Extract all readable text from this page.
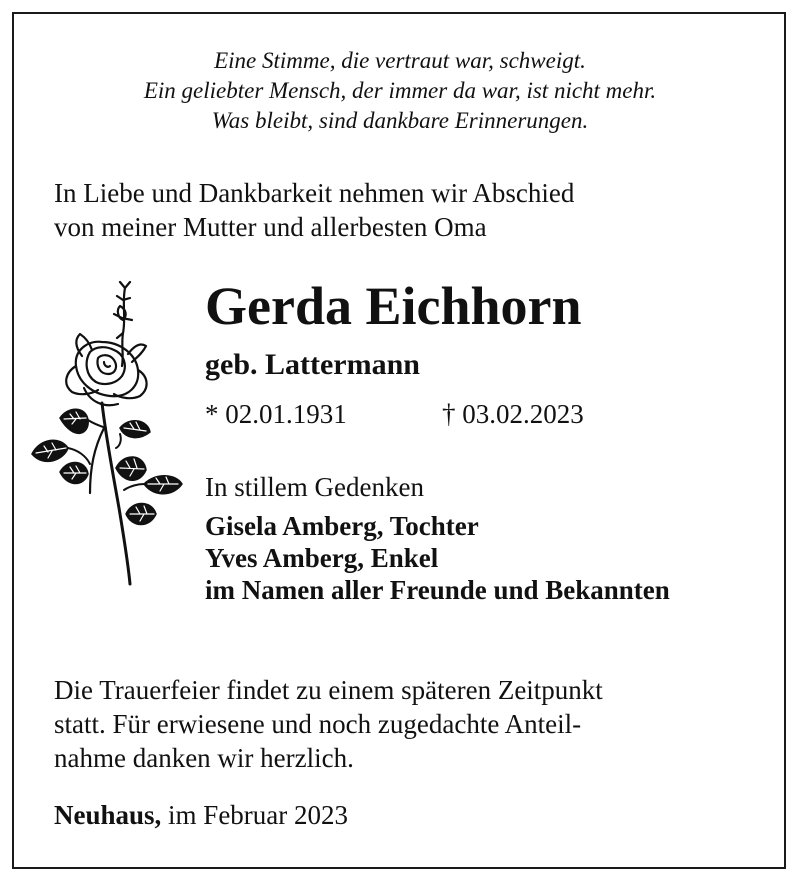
Eine Stimme, die vertraut war, schweigt.
Ein geliebter Mensch, der immer da war, ist nicht mehr.
Was bleibt, sind dankbare Erinnerungen.
In Liebe und Dankbarkeit nehmen wir Abschied
von meiner Mutter und allerbesten Oma
Gerda Eichhorn
geb. Lattermann
* 02.01.1931	† 03.02.2023
In stillem Gedenken
Gisela Amberg, Tochter
Yves Amberg, Enkel
im Namen aller Freunde und Bekannten
Die Trauerfeier findet zu einem späteren Zeitpunkt
statt. Für erwiesene und noch zugedachte Anteil-
nahme danken wir herzlich.
Neuhaus, im Februar 2023
